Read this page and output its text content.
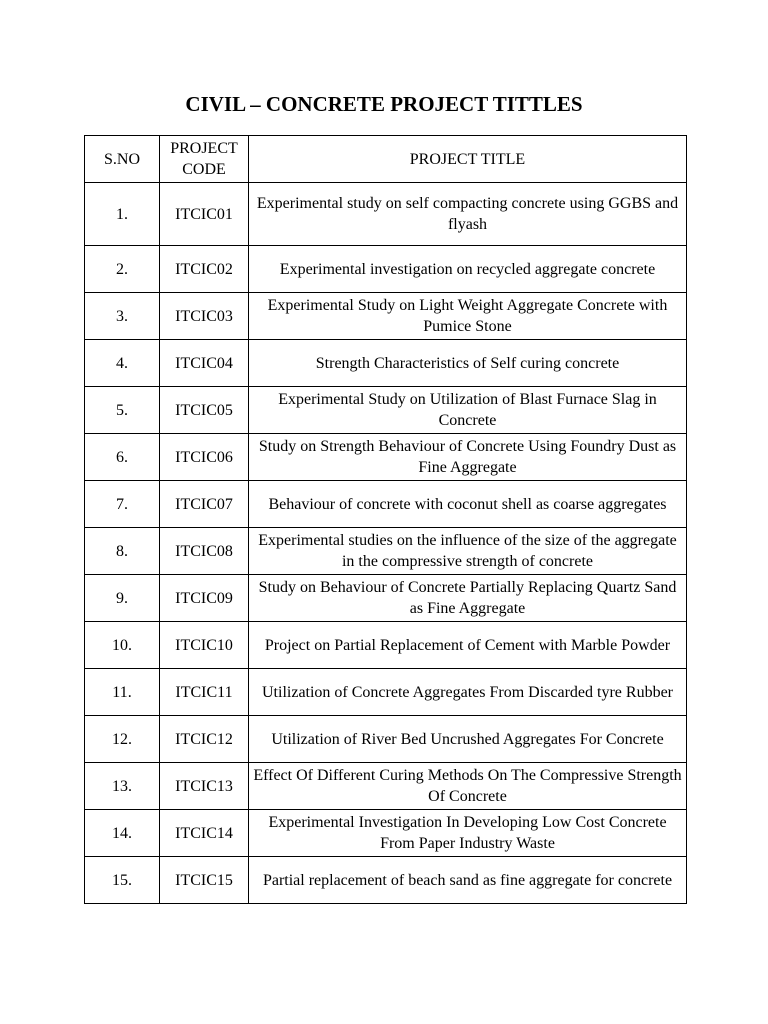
CIVIL – CONCRETE PROJECT TITTLES
S.NO	PROJECT CODE	PROJECT TITLE
1.	ITCIC01	Experimental study on self compacting concrete using GGBS and flyash
2.	ITCIC02	Experimental investigation on recycled aggregate concrete
3.	ITCIC03	Experimental Study on Light Weight Aggregate Concrete with Pumice Stone
4.	ITCIC04	Strength Characteristics of Self curing concrete
5.	ITCIC05	Experimental Study on Utilization of Blast Furnace Slag in Concrete
6.	ITCIC06	Study on Strength Behaviour of Concrete Using Foundry Dust as Fine Aggregate
7.	ITCIC07	Behaviour of concrete with coconut shell as coarse aggregates
8.	ITCIC08	Experimental studies on the influence of the size of the aggregate in the compressive strength of concrete
9.	ITCIC09	Study on Behaviour of Concrete Partially Replacing Quartz Sand as Fine Aggregate
10.	ITCIC10	Project on Partial Replacement of Cement with Marble Powder
11.	ITCIC11	Utilization of Concrete Aggregates From Discarded tyre Rubber
12.	ITCIC12	Utilization of River Bed Uncrushed Aggregates For Concrete
13.	ITCIC13	Effect Of Different Curing Methods On The Compressive Strength Of Concrete
14.	ITCIC14	Experimental Investigation In Developing Low Cost Concrete From Paper Industry Waste
15.	ITCIC15	Partial replacement of beach sand as fine aggregate for concrete
